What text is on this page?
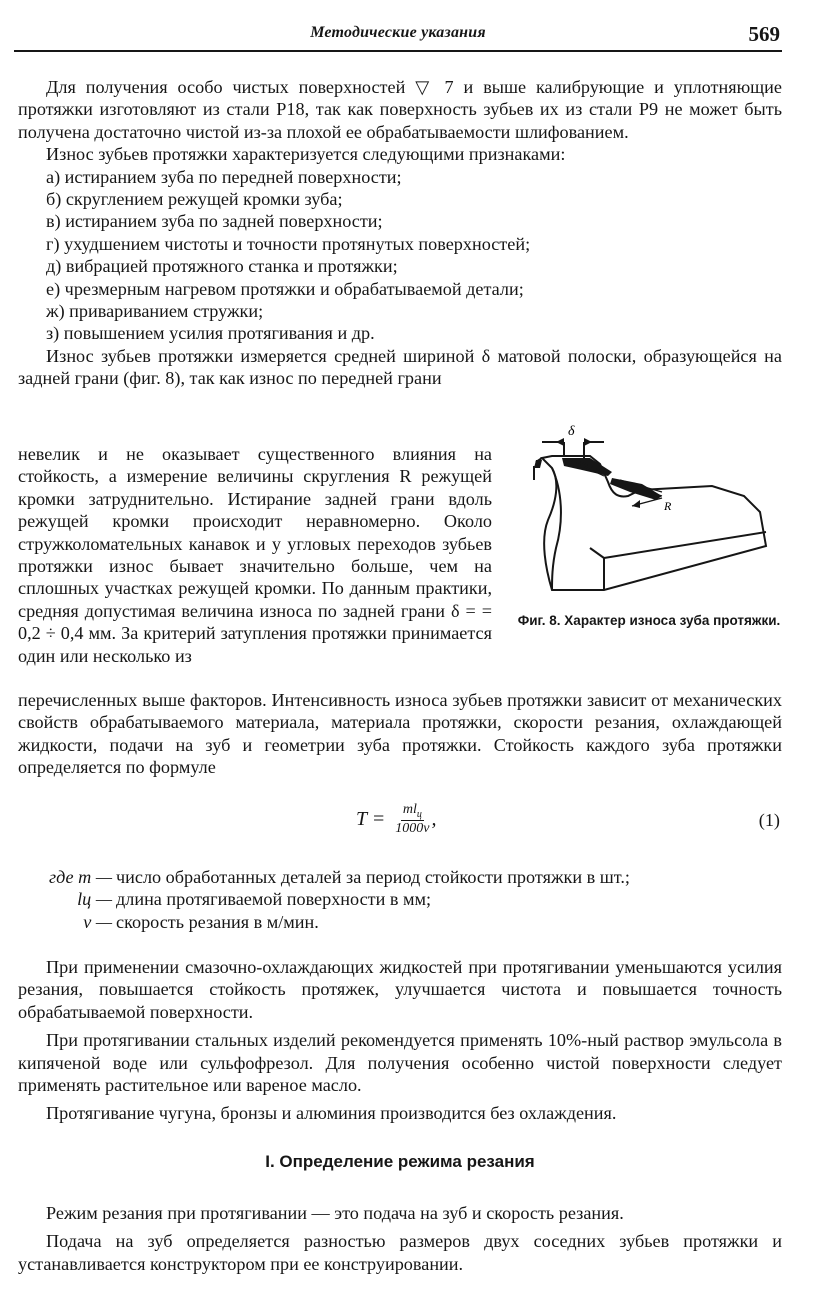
Методические указания	569

Для получения особо чистых поверхностей ▽ 7 и выше калибрующие и уплотняющие протяжки изготовляют из стали Р18, так как поверхность зубьев их из стали Р9 не может быть получена достаточно чистой из-за плохой ее обрабатываемости шлифованием.

Износ зубьев протяжки характеризуется следующими признаками:

а) истиранием зуба по передней поверхности;
б) скруглением режущей кромки зуба;
в) истиранием зуба по задней поверхности;
г) ухудшением чистоты и точности протянутых поверхностей;
д) вибрацией протяжного станка и протяжки;
е) чрезмерным нагревом протяжки и обрабатываемой детали;
ж) привариванием стружки;
з) повышением усилия протягивания и др.

Износ зубьев протяжки измеряется средней шириной δ матовой полоски, образующейся на задней грани (фиг. 8), так как износ по передней грани

невелик и не оказывает существенного влияния на стойкость, а измерение величины скругления R режущей кромки затруднительно. Истирание задней грани вдоль режущей кромки происходит неравномерно. Около стружколомательных канавок и у угловых переходов зубьев протяжки износ бывает значительно больше, чем на сплошных участках режущей кромки. По данным практики, средняя допустимая величина износа по задней грани δ = = 0,2 ÷ 0,4 мм. За критерий затупления протяжки принимается один или несколько из

δ
R
Фиг. 8. Характер износа зуба протяжки.

перечисленных выше факторов. Интенсивность износа зубьев протяжки зависит от механических свойств обрабатываемого материала, материала протяжки, скорости резания, охлаждающей жидкости, подачи на зуб и геометрии зуба протяжки. Стойкость каждого зуба протяжки определяется по формуле

$T = \frac{ml_ц}{1000v}$ ,	(1)
где m — число обработанных деталей за период стойкости протяжки в шт.;
lц — длина протягиваемой поверхности в мм;
v — скорость резания в м/мин.

При применении смазочно-охлаждающих жидкостей при протягивании уменьшаются усилия резания, повышается стойкость протяжек, улучшается чистота и повышается точность обрабатываемой поверхности.

При протягивании стальных изделий рекомендуется применять 10%-ный раствор эмульсола в кипяченой воде или сульфофрезол. Для получения особенно чистой поверхности следует применять растительное или вареное масло.

Протягивание чугуна, бронзы и алюминия производится без охлаждения.

I. Определение режима резания

Режим резания при протягивании — это подача на зуб и скорость резания.

Подача на зуб определяется разностью размеров двух соседних зубьев протяжки и устанавливается конструктором при ее конструировании.
